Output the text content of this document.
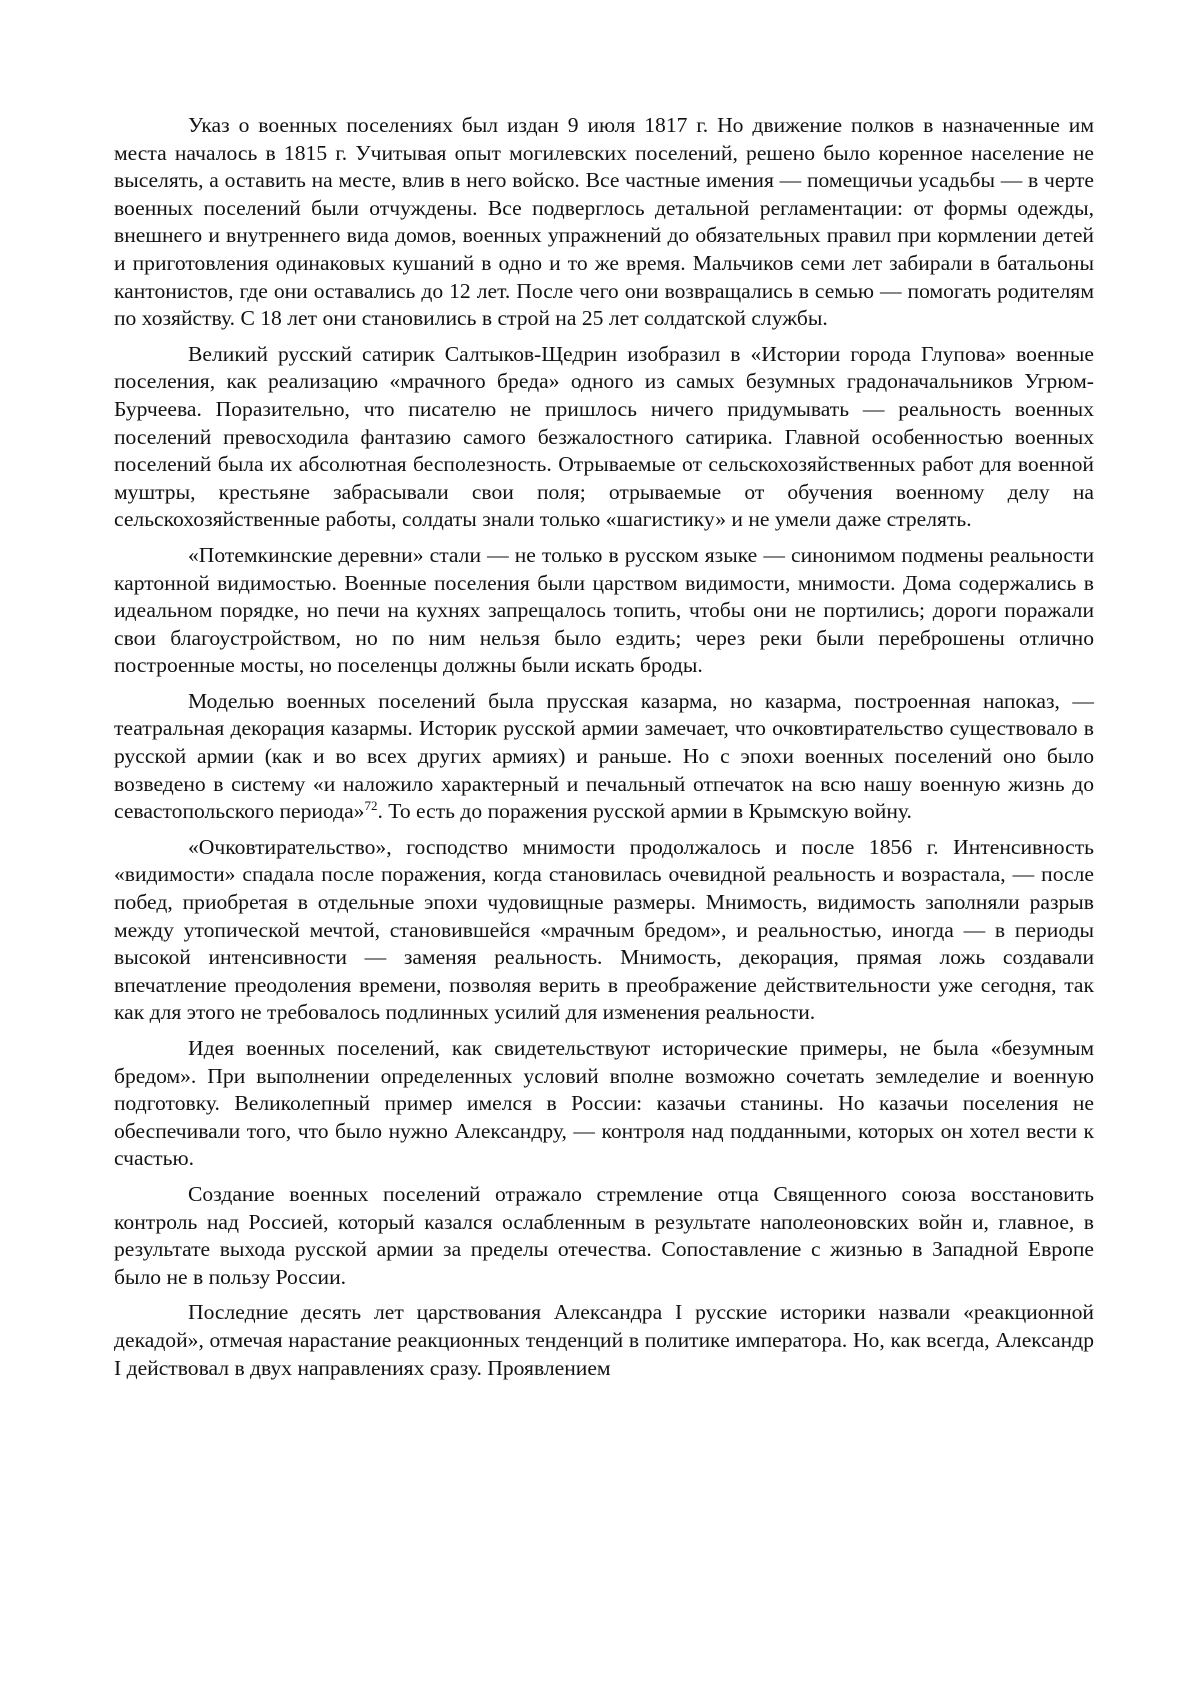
Указ о военных поселениях был издан 9 июля 1817 г. Но движение полков в назначенные им места началось в 1815 г. Учитывая опыт могилевских поселений, решено было коренное население не выселять, а оставить на месте, влив в него войско. Все частные имения — помещичьи усадьбы — в черте военных поселений были отчуждены. Все подверглось детальной регламентации: от формы одежды, внешнего и внутреннего вида домов, военных упражнений до обязательных правил при кормлении детей и приготовления одинаковых кушаний в одно и то же время. Мальчиков семи лет забирали в батальоны кантонистов, где они оставались до 12 лет. После чего они возвращались в семью — помогать родителям по хозяйству. С 18 лет они становились в строй на 25 лет солдатской службы.

Великий русский сатирик Салтыков-Щедрин изобразил в «Истории города Глупова» военные поселения, как реализацию «мрачного бреда» одного из самых безумных градоначальников Угрюм-Бурчеева. Поразительно, что писателю не пришлось ничего придумывать — реальность военных поселений превосходила фантазию самого безжалостного сатирика. Главной особенностью военных поселений была их абсолютная бесполезность. Отрываемые от сельскохозяйственных работ для военной муштры, крестьяне забрасывали свои поля; отрываемые от обучения военному делу на сельскохозяйственные работы, солдаты знали только «шагистику» и не умели даже стрелять.

«Потемкинские деревни» стали — не только в русском языке — синонимом подмены реальности картонной видимостью. Военные поселения были царством видимости, мнимости. Дома содержались в идеальном порядке, но печи на кухнях запрещалось топить, чтобы они не портились; дороги поражали свои благоустройством, но по ним нельзя было ездить; через реки были переброшены отлично построенные мосты, но поселенцы должны были искать броды.

Моделью военных поселений была прусская казарма, но казарма, построенная напоказ, — театральная декорация казармы. Историк русской армии замечает, что очковтирательство существовало в русской армии (как и во всех других армиях) и раньше. Но с эпохи военных поселений оно было возведено в систему «и наложило характерный и печальный отпечаток на всю нашу военную жизнь до севастопольского периода»$^{72}$. То есть до поражения русской армии в Крымскую войну.

«Очковтирательство», господство мнимости продолжалось и после 1856 г. Интенсивность «видимости» спадала после поражения, когда становилась очевидной реальность и возрастала, — после побед, приобретая в отдельные эпохи чудовищные размеры. Мнимость, видимость заполняли разрыв между утопической мечтой, становившейся «мрачным бредом», и реальностью, иногда — в периоды высокой интенсивности — заменяя реальность. Мнимость, декорация, прямая ложь создавали впечатление преодоления времени, позволяя верить в преображение действительности уже сегодня, так как для этого не требовалось подлинных усилий для изменения реальности.

Идея военных поселений, как свидетельствуют исторические примеры, не была «безумным бредом». При выполнении определенных условий вполне возможно сочетать земледелие и военную подготовку. Великолепный пример имелся в России: казачьи станины. Но казачьи поселения не обеспечивали того, что было нужно Александру, — контроля над подданными, которых он хотел вести к счастью.

Создание военных поселений отражало стремление отца Священного союза восстановить контроль над Россией, который казался ослабленным в результате наполеоновских войн и, главное, в результате выхода русской армии за пределы отечества. Сопоставление с жизнью в Западной Европе было не в пользу России.

Последние десять лет царствования Александра I русские историки назвали «реакционной декадой», отмечая нарастание реакционных тенденций в политике императора. Но, как всегда, Александр I действовал в двух направлениях сразу. Проявлением
